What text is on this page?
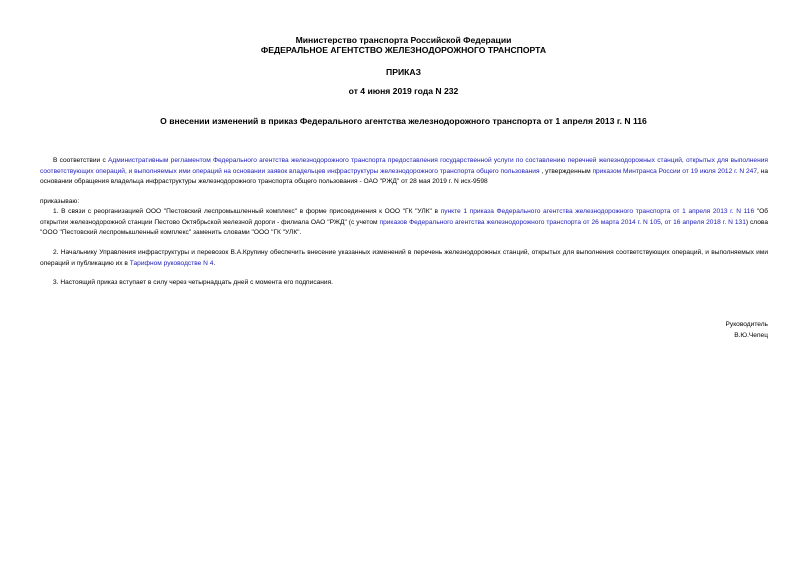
Министерство транспорта Российской Федерации
ФЕДЕРАЛЬНОЕ АГЕНТСТВО ЖЕЛЕЗНОДОРОЖНОГО ТРАНСПОРТА
ПРИКАЗ
от 4 июня 2019 года N 232
О внесении изменений в приказ Федерального агентства железнодорожного транспорта от 1 апреля 2013 г. N 116
В соответствии с Административным регламентом Федерального агентства железнодорожного транспорта предоставления государственной услуги по составлению перечней железнодорожных станций, открытых для выполнения соответствующих операций, и выполняемых ими операций на основании заявок владельцев инфраструктуры железнодорожного транспорта общего пользования , утвержденным приказом Минтранса России от 19 июля 2012 г. N 247, на основании обращения владельца инфраструктуры железнодорожного транспорта общего пользования - ОАО "РЖД" от 28 мая 2019 г. N исх-9598
приказываю:
1. В связи с реорганизацией ООО "Пестовский леспромышленный комплекс" в форме присоединения к ООО "ГК "УЛК" в пункте 1 приказа Федерального агентства железнодорожного транспорта от 1 апреля 2013 г. N 116 "Об открытии железнодорожной станции Пестово Октябрьской железной дороги - филиала ОАО "РЖД" (с учетом приказов Федерального агентства железнодорожного транспорта от 26 марта 2014 г. N 105, от 16 апреля 2018 г. N 131) слова "ООО "Пестовский леспромышленный комплекс" заменить словами "ООО "ГК "УЛК".
2. Начальнику Управления инфраструктуры и перевозок В.А.Крупину обеспечить внесение указанных изменений в перечень железнодорожных станций, открытых для выполнения соответствующих операций, и выполняемых ими операций и публикацию их в Тарифном руководстве N 4.
3. Настоящий приказ вступает в силу через четырнадцать дней с момента его подписания.
Руководитель
В.Ю.Чепец
